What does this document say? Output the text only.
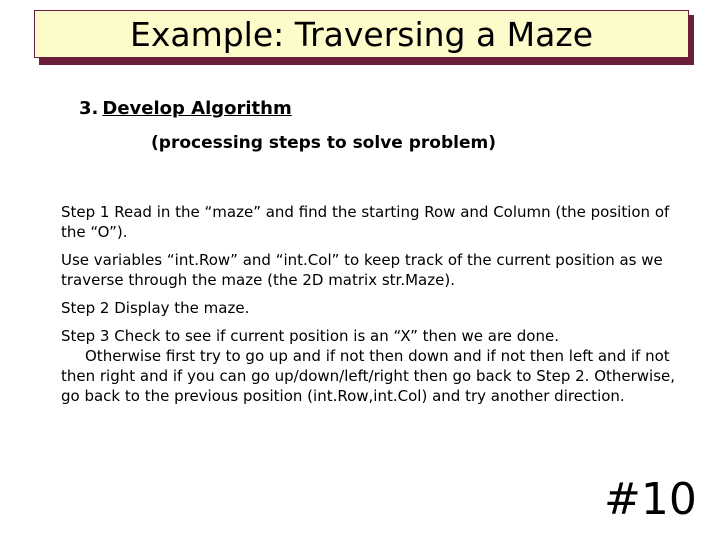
Example: Traversing a Maze
3. Develop Algorithm
(processing steps to solve problem)
Step 1 Read in the “maze” and find the starting Row and Column (the position of the “O”).
Use variables “int.Row” and “int.Col” to keep track of the current position as we traverse through the maze (the 2D matrix str.Maze).
Step 2 Display the maze.
Step 3 Check to see if current position is an “X” then we are done.
Otherwise first try to go up and if not then down and if not then left and if not then right and if you can go up/down/left/right then go back to Step 2. Otherwise, go back to the previous position (int.Row,int.Col) and try another direction.
#10
